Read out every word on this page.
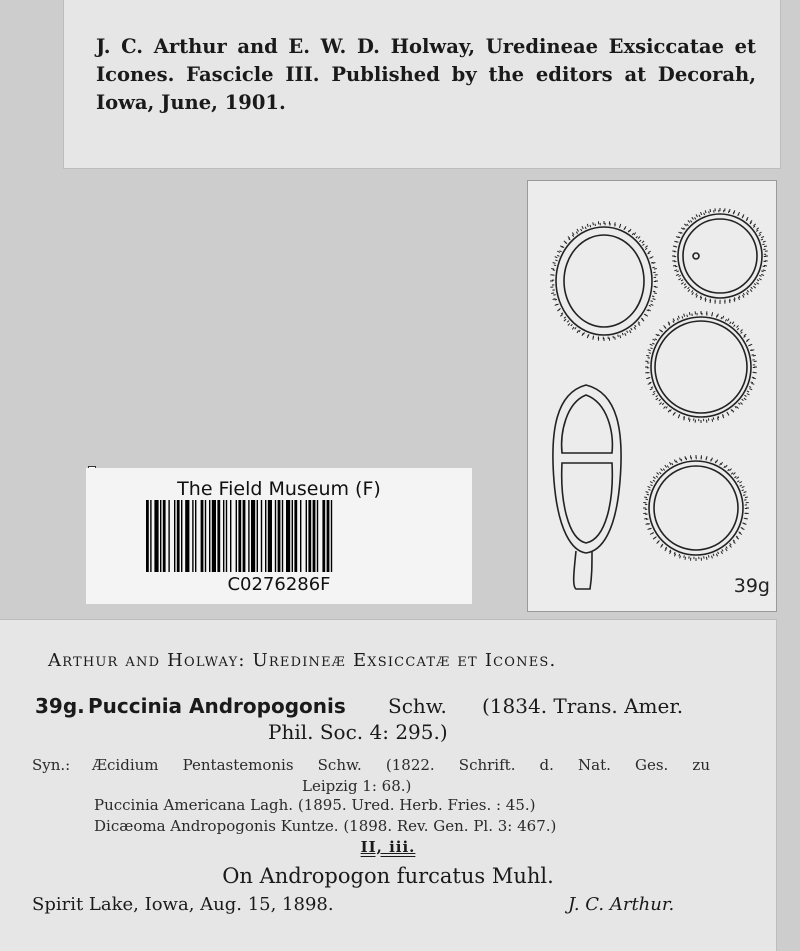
J. C. Arthur and E. W. D. Holway, Uredineae Exsiccatae et Icones. Fascicle III. Published by the editors at Decorah, Iowa, June, 1901.
39g
The Field Museum (F)
C0276286F
Arthur and Holway: Uredineæ Exsiccatæ et Icones.
39g. Puccinia Andropogonis Schw. (1834. Trans. Amer.
Phil. Soc. 4: 295.)
Syn.: Æcidium Pentastemonis Schw. (1822. Schrift. d. Nat. Ges. zu
Leipzig 1: 68.)
Puccinia Americana Lagh. (1895. Ured. Herb. Fries. : 45.)
Dicæoma Andropogonis Kuntze. (1898. Rev. Gen. Pl. 3: 467.)
II, iii.
On Andropogon furcatus Muhl.
Spirit Lake, Iowa, Aug. 15, 1898.	J. C. Arthur.
